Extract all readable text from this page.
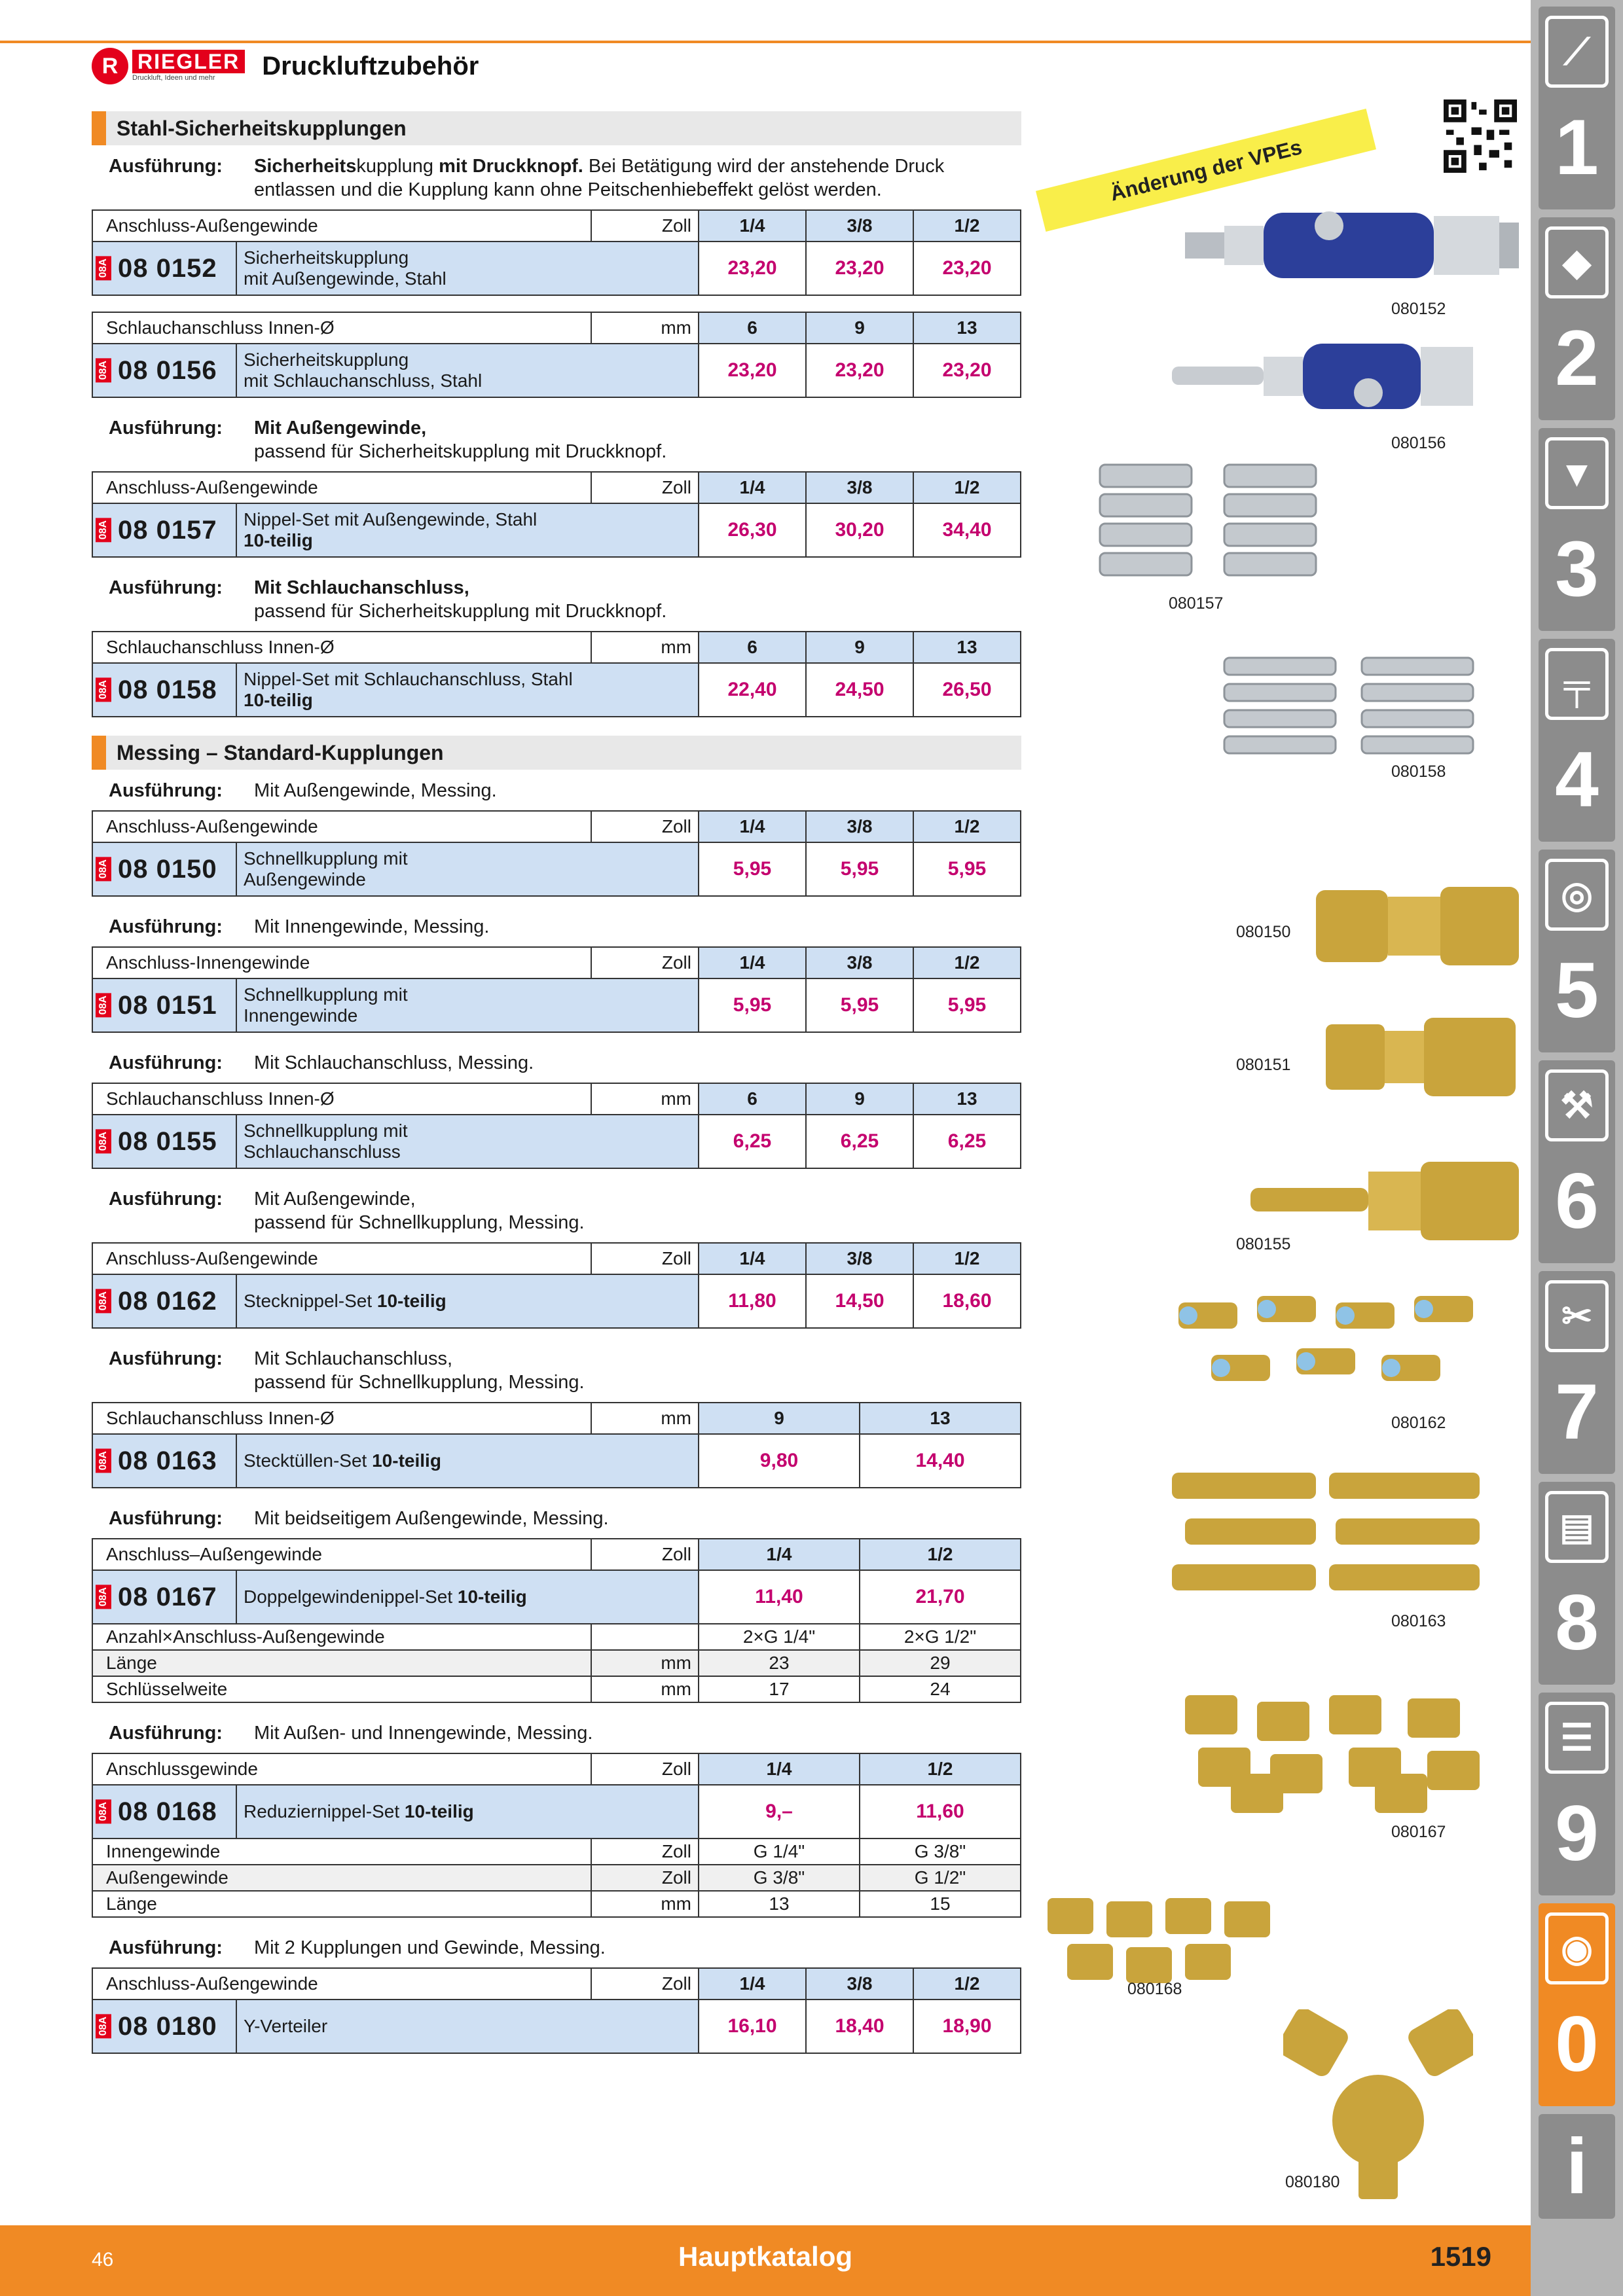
R RIEGLER
Druckluft, Ideen und mehr	Druckluftzubehör
Änderung der VPEs
Stahl-Sicherheitskupplungen
Ausführung:	Sicherheitskupplung mit Druckknopf. Bei Betätigung wird der anstehende Druck
entlassen und die Kupplung kann ohne Peitschenhiebeffekt gelöst werden.
Anschluss-Außengewinde		Zoll	1/4	3/8	1/2

08A 08 0152	Sicherheitskupplung
mit Außengewinde, Stahl		23,20	23,20	23,20
Schlauchanschluss Innen-Ø		mm	6	9	13

08A 08 0156	Sicherheitskupplung
mit Schlauchanschluss, Stahl		23,20	23,20	23,20
Ausführung:	Mit Außengewinde,
passend für Sicherheitskupplung mit Druckknopf.
Anschluss-Außengewinde		Zoll	1/4	3/8	1/2

08A 08 0157	Nippel-Set mit Außengewinde, Stahl
10-teilig		26,30	30,20	34,40
Ausführung:	Mit Schlauchanschluss,
passend für Sicherheitskupplung mit Druckknopf.
Schlauchanschluss Innen-Ø		mm	6	9	13

08A 08 0158	Nippel-Set mit Schlauchanschluss, Stahl
10-teilig		22,40	24,50	26,50
Messing – Standard-Kupplungen
Ausführung:	Mit Außengewinde, Messing.
Anschluss-Außengewinde		Zoll	1/4	3/8	1/2

08A 08 0150	Schnellkupplung mit
Außengewinde		5,95	5,95	5,95
Ausführung:	Mit Innengewinde, Messing.
Anschluss-Innengewinde		Zoll	1/4	3/8	1/2

08A 08 0151	Schnellkupplung mit
Innengewinde		5,95	5,95	5,95
Ausführung:	Mit Schlauchanschluss, Messing.
Schlauchanschluss Innen-Ø		mm	6	9	13

08A 08 0155	Schnellkupplung mit
Schlauchanschluss		6,25	6,25	6,25
Ausführung:	Mit Außengewinde,
passend für Schnellkupplung, Messing.
Anschluss-Außengewinde		Zoll	1/4	3/8	1/2

08A 08 0162	Stecknippel-Set 10-teilig		11,80	14,50	18,60
Ausführung:	Mit Schlauchanschluss,
passend für Schnellkupplung, Messing.
Schlauchanschluss Innen-Ø		mm	9	13

08A 08 0163	Stecktüllen-Set 10-teilig		9,80	14,40
Ausführung:	Mit beidseitigem Außengewinde, Messing.
Anschluss–Außengewinde		Zoll	1/4	1/2

08A 08 0167	Doppelgewindenippel-Set 10-teilig		11,40	21,70
Anzahl×Anschluss-Außengewinde			2×G 1/4"	2×G 1/2"
Länge		mm	23	29
Schlüsselweite		mm	17	24
Ausführung:	Mit Außen- und Innengewinde, Messing.
Anschlussgewinde		Zoll	1/4	1/2

08A 08 0168	Reduziernippel-Set 10-teilig		9,–	11,60
Innengewinde		Zoll	G 1/4"	G 3/8"
Außengewinde		Zoll	G 3/8"	G 1/2"
Länge		mm	13	15
Ausführung:	Mit 2 Kupplungen und Gewinde, Messing.
Anschluss-Außengewinde		Zoll	1/4	3/8	1/2

08A 08 0180	Y-Verteiler		16,10	18,40	18,90
080152
080156
080157
080158
080150
080151
080155
080162
080163
080167
080168
080180
⟋
1
◆
2
▼
3
╤
4
◎
5
⚒
6
✂
7
▤
8
☰
9
◉
0
i
46	Hauptkatalog	1519
